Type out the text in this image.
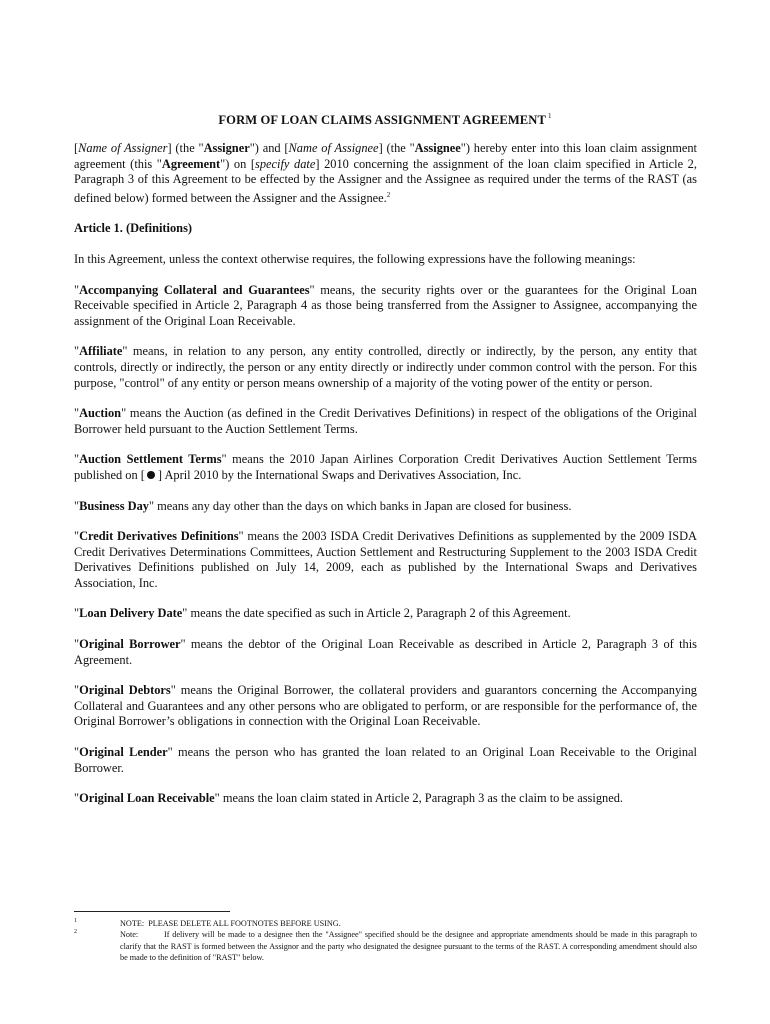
FORM OF LOAN CLAIMS ASSIGNMENT AGREEMENT $^1$

[Name of Assigner] (the "Assigner") and [Name of Assignee] (the "Assignee") hereby enter into this loan claim assignment agreement (this "Agreement") on [specify date] 2010 concerning the assignment of the loan claim specified in Article 2, Paragraph 3 of this Agreement to be effected by the Assigner and the Assignee as required under the terms of the RAST (as defined below) formed between the Assigner and the Assignee.$^2$

Article 1. (Definitions)

In this Agreement, unless the context otherwise requires, the following expressions have the following meanings:

"Accompanying Collateral and Guarantees" means, the security rights over or the guarantees for the Original Loan Receivable specified in Article 2, Paragraph 4 as those being transferred from the Assigner to Assignee, accompanying the assignment of the Original Loan Receivable.

"Affiliate" means, in relation to any person, any entity controlled, directly or indirectly, by the person, any entity that controls, directly or indirectly, the person or any entity directly or indirectly under common control with the person. For this purpose, "control" of any entity or person means ownership of a majority of the voting power of the entity or person.

"Auction" means the Auction (as defined in the Credit Derivatives Definitions) in respect of the obligations of the Original Borrower held pursuant to the Auction Settlement Terms.

"Auction Settlement Terms" means the 2010 Japan Airlines Corporation Credit Derivatives Auction Settlement Terms published on [ ] April 2010 by the International Swaps and Derivatives Association, Inc.

"Business Day" means any day other than the days on which banks in Japan are closed for business.

"Credit Derivatives Definitions" means the 2003 ISDA Credit Derivatives Definitions as supplemented by the 2009 ISDA Credit Derivatives Determinations Committees, Auction Settlement and Restructuring Supplement to the 2003 ISDA Credit Derivatives Definitions published on July 14, 2009, each as published by the International Swaps and Derivatives Association, Inc.

"Loan Delivery Date" means the date specified as such in Article 2, Paragraph 2 of this Agreement.

"Original Borrower" means the debtor of the Original Loan Receivable as described in Article 2, Paragraph 3 of this Agreement.

"Original Debtors" means the Original Borrower, the collateral providers and guarantors concerning the Accompanying Collateral and Guarantees and any other persons who are obligated to perform, or are responsible for the performance of, the Original Borrower’s obligations in connection with the Original Loan Receivable.

"Original Lender" means the person who has granted the loan related to an Original Loan Receivable to the Original Borrower.

"Original Loan Receivable" means the loan claim stated in Article 2, Paragraph 3 as the claim to be assigned.

1	NOTE: PLEASE DELETE ALL FOOTNOTES BEFORE USING.
2	Note:	If delivery will be made to a designee then the "Assignee" specified should be the designee and appropriate amendments should be made in this paragraph to clarify that the RAST is formed between the Assignor and the party who designated the designee pursuant to the terms of the RAST. A corresponding amendment should also be made to the definition of "RAST" below.
